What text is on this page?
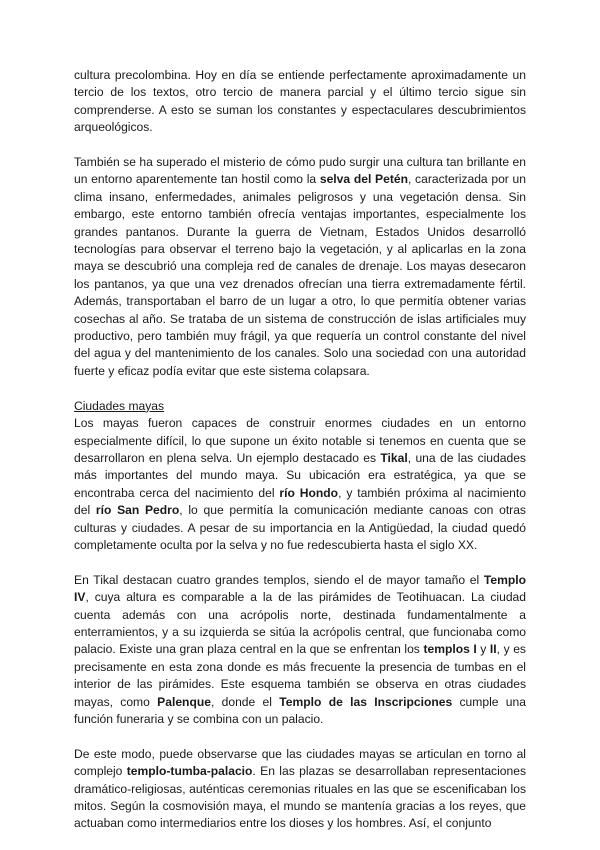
cultura precolombina. Hoy en día se entiende perfectamente aproximadamente un tercio de los textos, otro tercio de manera parcial y el último tercio sigue sin comprenderse. A esto se suman los constantes y espectaculares descubrimientos arqueológicos.

También se ha superado el misterio de cómo pudo surgir una cultura tan brillante en un entorno aparentemente tan hostil como la selva del Petén, caracterizada por un clima insano, enfermedades, animales peligrosos y una vegetación densa. Sin embargo, este entorno también ofrecía ventajas importantes, especialmente los grandes pantanos. Durante la guerra de Vietnam, Estados Unidos desarrolló tecnologías para observar el terreno bajo la vegetación, y al aplicarlas en la zona maya se descubrió una compleja red de canales de drenaje. Los mayas desecaron los pantanos, ya que una vez drenados ofrecían una tierra extremadamente fértil. Además, transportaban el barro de un lugar a otro, lo que permitía obtener varias cosechas al año. Se trataba de un sistema de construcción de islas artificiales muy productivo, pero también muy frágil, ya que requería un control constante del nivel del agua y del mantenimiento de los canales. Solo una sociedad con una autoridad fuerte y eficaz podía evitar que este sistema colapsara.

Ciudades mayas

Los mayas fueron capaces de construir enormes ciudades en un entorno especialmente difícil, lo que supone un éxito notable si tenemos en cuenta que se desarrollaron en plena selva. Un ejemplo destacado es Tikal, una de las ciudades más importantes del mundo maya. Su ubicación era estratégica, ya que se encontraba cerca del nacimiento del río Hondo, y también próxima al nacimiento del río San Pedro, lo que permitía la comunicación mediante canoas con otras culturas y ciudades. A pesar de su importancia en la Antigüedad, la ciudad quedó completamente oculta por la selva y no fue redescubierta hasta el siglo XX.

En Tikal destacan cuatro grandes templos, siendo el de mayor tamaño el Templo IV, cuya altura es comparable a la de las pirámides de Teotihuacan. La ciudad cuenta además con una acrópolis norte, destinada fundamentalmente a enterramientos, y a su izquierda se sitúa la acrópolis central, que funcionaba como palacio. Existe una gran plaza central en la que se enfrentan los templos I y II, y es precisamente en esta zona donde es más frecuente la presencia de tumbas en el interior de las pirámides. Este esquema también se observa en otras ciudades mayas, como Palenque, donde el Templo de las Inscripciones cumple una función funeraria y se combina con un palacio.

De este modo, puede observarse que las ciudades mayas se articulan en torno al complejo templo-tumba-palacio. En las plazas se desarrollaban representaciones dramático-religiosas, auténticas ceremonias rituales en las que se escenificaban los mitos. Según la cosmovisión maya, el mundo se mantenía gracias a los reyes, que actuaban como intermediarios entre los dioses y los hombres. Así, el conjunto
